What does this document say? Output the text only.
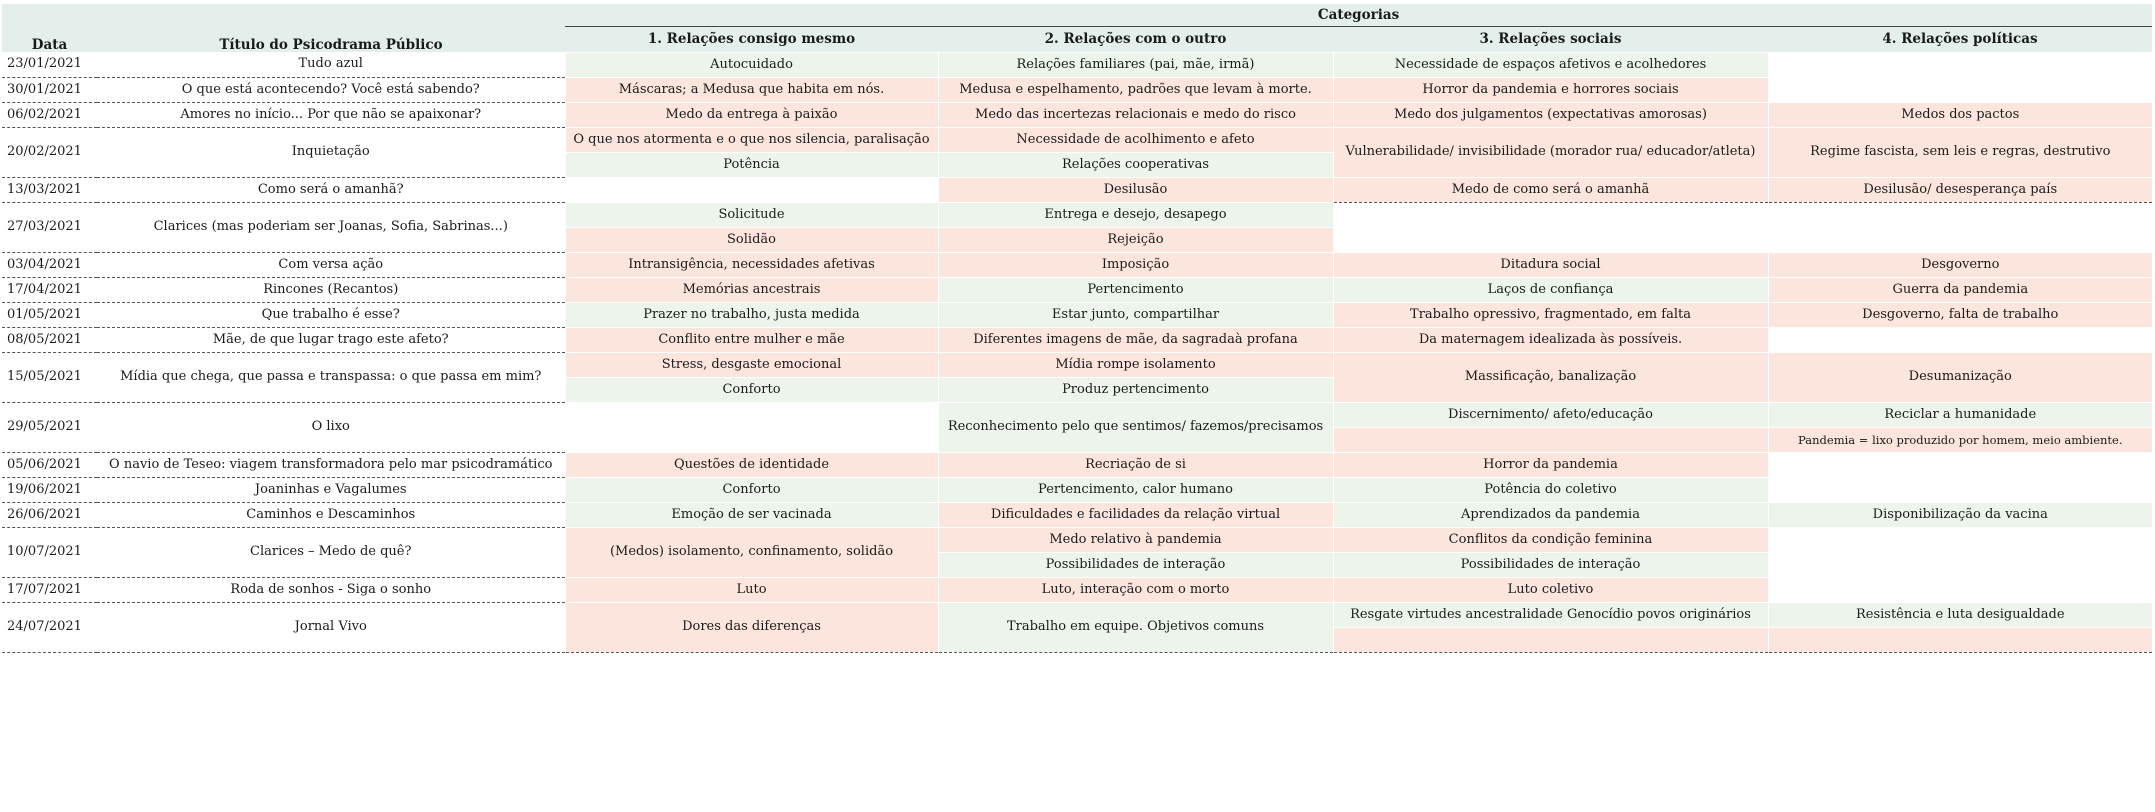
Data	Título do Psicodrama Público	Categorias			
		1. Relações consigo mesmo	2. Relações com o outro	3. Relações sociais	4. Relações políticas
23/01/2021	Tudo azul	Autocuidado	Relações familiares (pai, mãe, irmã)	Necessidade de espaços afetivos e acolhedores	
30/01/2021	O que está acontecendo? Você está sabendo?	Máscaras; a Medusa que habita em nós.	Medusa e espelhamento, padrões que levam à morte.	Horror da pandemia e horrores sociais	
06/02/2021	Amores no início... Por que não se apaixonar?	Medo da entrega à paixão	Medo das incertezas relacionais e medo do risco	Medo dos julgamentos (expectativas amorosas)	Medos dos pactos
20/02/2021	Inquietação	O que nos atormenta e o que nos silencia, paralisação	Necessidade de acolhimento e afeto	Vulnerabilidade/ invisibilidade (morador rua/ educador/atleta)	Regime fascista, sem leis e regras, destrutivo
		Potência	Relações cooperativas		
13/03/2021	Como será o amanhã?		Desilusão	Medo de como será o amanhã	Desilusão/ desesperança país
27/03/2021	Clarices (mas poderiam ser Joanas, Sofia, Sabrinas...)	Solicitude	Entrega e desejo, desapego		
		Solidão	Rejeição		
03/04/2021	Com versa ação	Intransigência, necessidades afetivas	Imposição	Ditadura social	Desgoverno
17/04/2021	Rincones (Recantos)	Memórias ancestrais	Pertencimento	Laços de confiança	Guerra da pandemia
01/05/2021	Que trabalho é esse?	Prazer no trabalho, justa medida	Estar junto, compartilhar	Trabalho opressivo, fragmentado, em falta	Desgoverno, falta de trabalho
08/05/2021	Mãe, de que lugar trago este afeto?	Conflito entre mulher e mãe	Diferentes imagens de mãe, da sagradaà profana	Da maternagem idealizada às possíveis.	
15/05/2021	Mídia que chega, que passa e transpassa: o que passa em mim?	Stress, desgaste emocional	Mídia rompe isolamento	Massificação, banalização	Desumanização
		Conforto	Produz pertencimento		
29/05/2021	O lixo		Reconhecimento pelo que sentimos/ fazemos/precisamos	Discernimento/ afeto/educação	Reciclar a humanidade
					Pandemia = lixo produzido por homem, meio ambiente.
05/06/2021	O navio de Teseo: viagem transformadora pelo mar psicodramático	Questões de identidade	Recriação de si	Horror da pandemia	
19/06/2021	Joaninhas e Vagalumes	Conforto	Pertencimento, calor humano	Potência do coletivo	
26/06/2021	Caminhos e Descaminhos	Emoção de ser vacinada	Dificuldades e facilidades da relação virtual	Aprendizados da pandemia	Disponibilização da vacina
10/07/2021	Clarices – Medo de quê?	(Medos) isolamento, confinamento, solidão	Medo relativo à pandemia	Conflitos da condição feminina	
			Possibilidades de interação	Possibilidades de interação	
17/07/2021	Roda de sonhos - Siga o sonho	Luto	Luto, interação com o morto	Luto coletivo	
24/07/2021	Jornal Vivo	Dores das diferenças	Trabalho em equipe. Objetivos comuns	Resgate virtudes ancestralidade Genocídio povos originários	Resistência e luta desigualdade
